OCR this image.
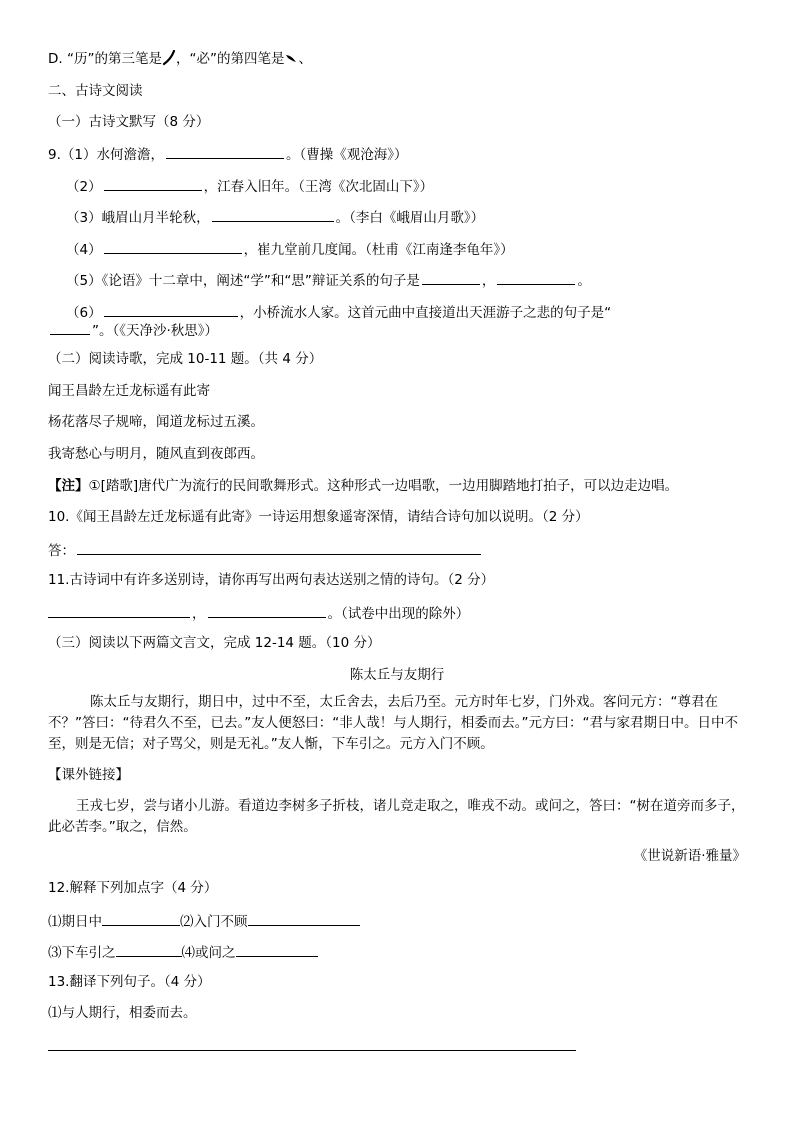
D. “历”的第三笔是 ，“必”的第四笔是 、
二、古诗文阅读
（一）古诗文默写（8 分）
9.（1）水何澹澹，	。（曹操《观沧海》）
（2）	，江春入旧年。（王湾《次北固山下》）
（3）峨眉山月半轮秋，	。（李白《峨眉山月歌》）
（4）	，崔九堂前几度闻。（杜甫《江南逢李龟年》）
（5）《论语》十二章中，阐述“学”和“思”辩证关系的句子是	，	。
（6）	，小桥流水人家。这首元曲中直接道出天涯游子之悲的句子是“
”。（《天净沙·秋思》）
（二）阅读诗歌，完成 10-11 题。（共 4 分）
闻王昌龄左迁龙标遥有此寄
杨花落尽子规啼，闻道龙标过五溪。
我寄愁心与明月，随风直到夜郎西。
【注】①[踏歌]唐代广为流行的民间歌舞形式。这种形式一边唱歌，一边用脚踏地打拍子，可以边走边唱。
10.《闻王昌龄左迁龙标遥有此寄》一诗运用想象遥寄深情，请结合诗句加以说明。（2 分）
答：
11.古诗词中有许多送别诗，请你再写出两句表达送别之情的诗句。（2 分）
，	。（试卷中出现的除外）
（三）阅读以下两篇文言文，完成 12-14 题。（10 分）
陈太丘与友期行
陈太丘与友期行，期日中，过中不至，太丘舍去，去后乃至。元方时年七岁，门外戏。客问元方：“尊君在不？”答曰：“待君久不至，已去。”友人便怒曰：“非人哉！与人期行，相委而去。”元方曰：“君与家君期日中。日中不至，则是无信；对子骂父，则是无礼。”友人惭，下车引之。元方入门不顾。
【课外链接】
王戎七岁，尝与诸小儿游。看道边李树多子折枝，诸儿竞走取之，唯戎不动。或问之，答曰：“树在道旁而多子，此必苦李。”取之，信然。
《世说新语·雅量》
12.解释下列加点字（4 分）
⑴期日中	⑵入门不顾
⑶下车引之	⑷或问之
13.翻译下列句子。（4 分）
⑴与人期行，相委而去。
